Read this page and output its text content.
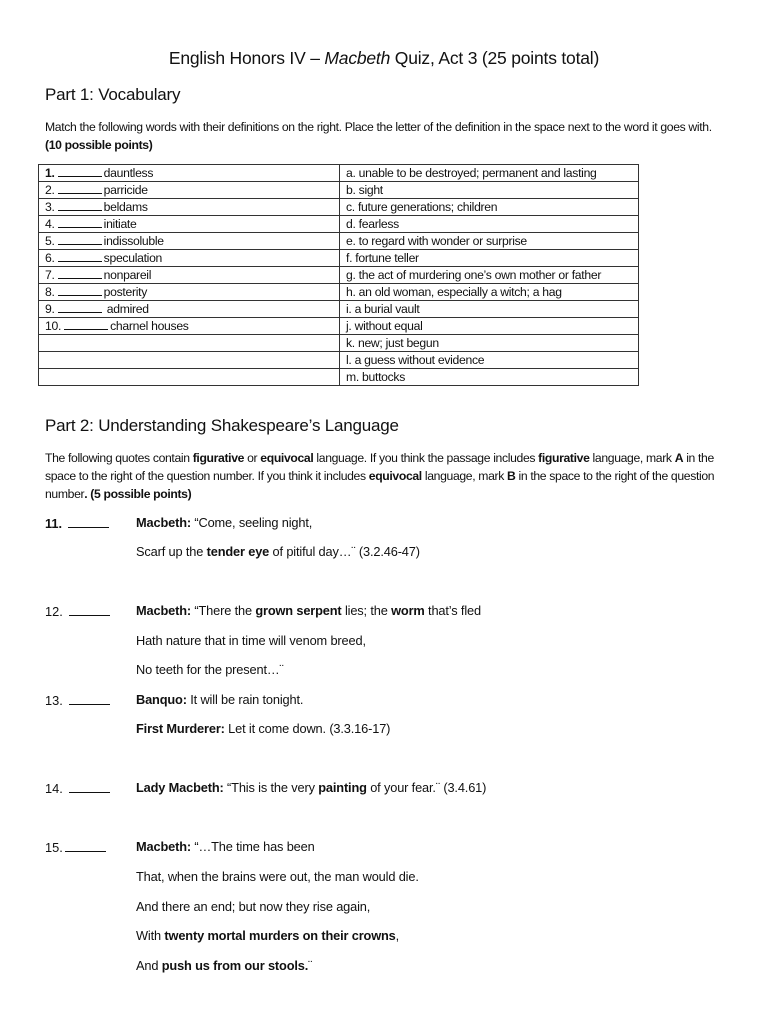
English Honors IV – Macbeth Quiz, Act 3 (25 points total)
Part 1: Vocabulary
Match the following words with their definitions on the right. Place the letter of the definition in the space next to the word it goes with.
(10 possible points)
1. dauntless	a. unable to be destroyed; permanent and lasting
2. parricide	b. sight
3. beldams	c. future generations; children
4. initiate	d. fearless
5. indissoluble	e. to regard with wonder or surprise
6. speculation	f. fortune teller
7. nonpareil	g. the act of murdering one’s own mother or father
8. posterity	h. an old woman, especially a witch; a hag
9. admired	i. a burial vault
10. charnel houses	j. without equal
	k. new; just begun
	l. a guess without evidence
	m. buttocks
Part 2: Understanding Shakespeare’s Language
The following quotes contain figurative or equivocal language. If you think the passage includes figurative language, mark A in the space to the right of the question number. If you think it includes equivocal language, mark B in the space to the right of the question number. (5 possible points)
11.	Macbeth: “Come, seeling night,
Scarf up the tender eye of pitiful day…¨ (3.2.46-47)
12.	Macbeth: “There the grown serpent lies; the worm that’s fled
Hath nature that in time will venom breed,
No teeth for the present…¨
13.	Banquo: It will be rain tonight.
First Murderer: Let it come down. (3.3.16-17)
14.	Lady Macbeth: “This is the very painting of your fear.¨ (3.4.61)
15.	Macbeth: “…The time has been
That, when the brains were out, the man would die.
And there an end; but now they rise again,
With twenty mortal murders on their crowns,
And push us from our stools.¨
